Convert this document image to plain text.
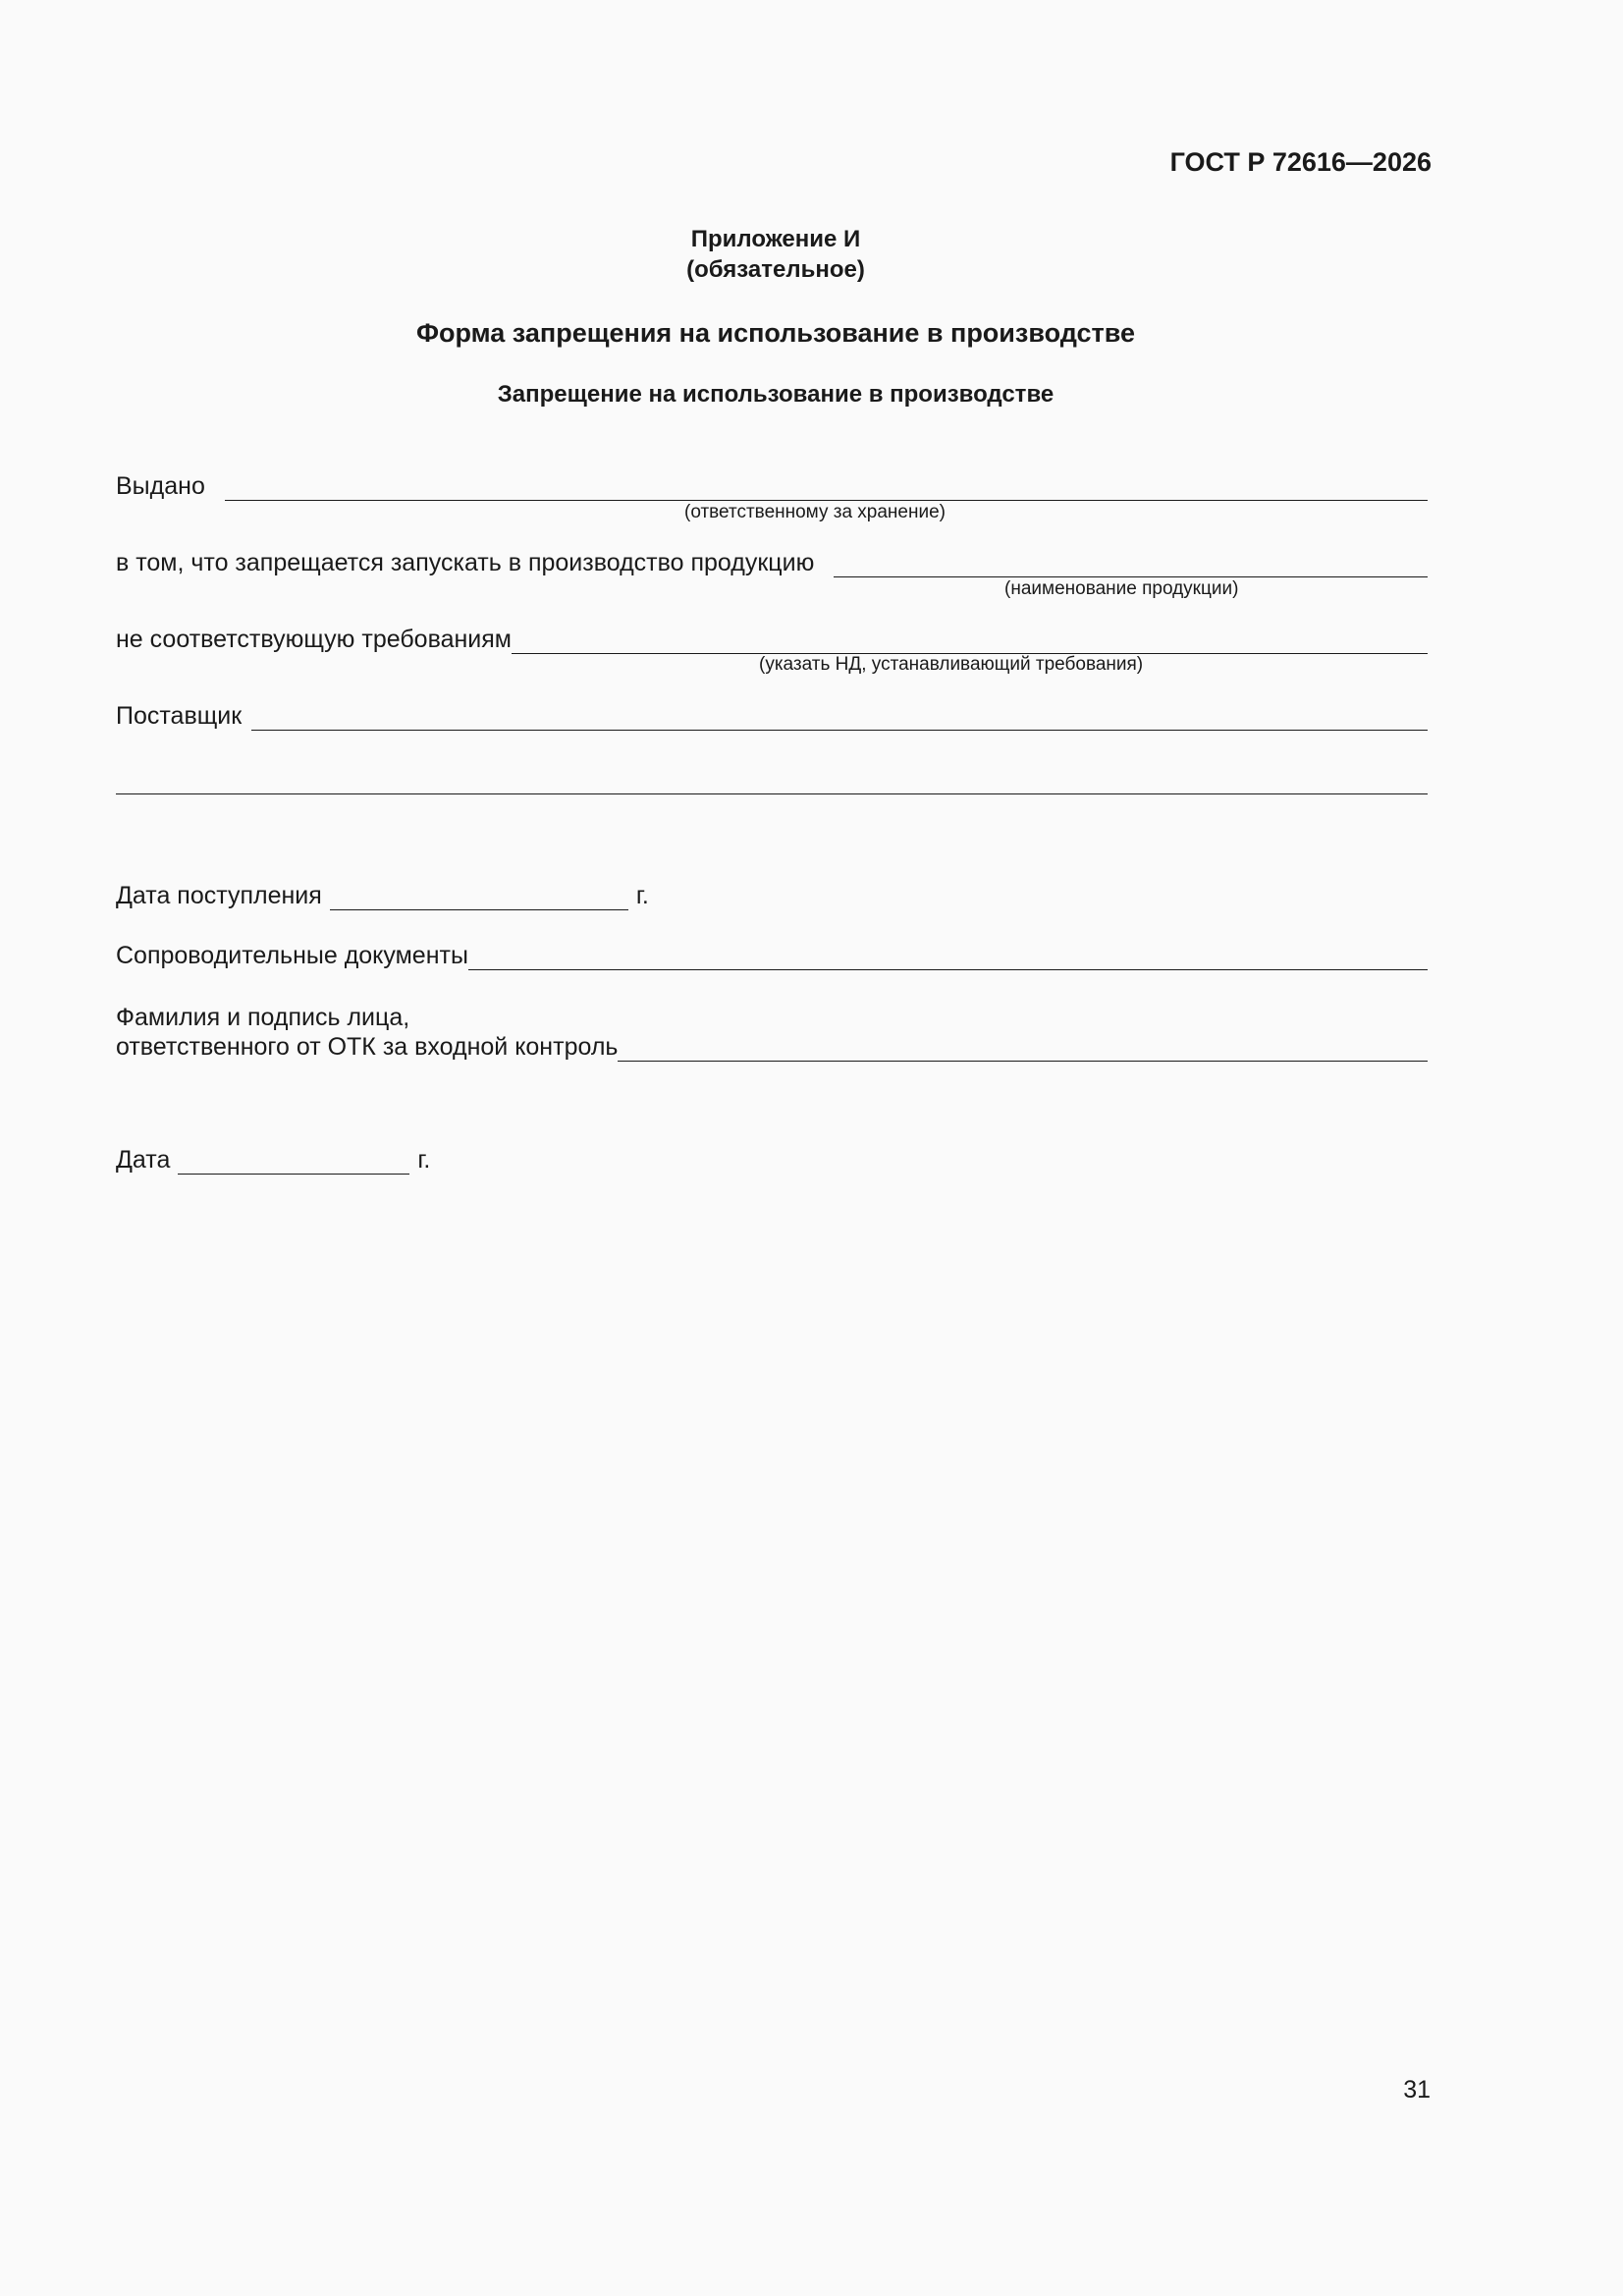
ГОСТ Р 72616—2026
Приложение И
(обязательное)
Форма запрещения на использование в производстве
Запрещение на использование в производстве
Выдано
(ответственному за хранение)
в том, что запрещается запускать в производство продукцию
(наименование продукции)
не соответствующую требованиям
(указать НД, устанавливающий требования)
Поставщик
Дата поступления	г.
Сопроводительные документы
Фамилия и подпись лица,
ответственного от ОТК за входной контроль
Дата	г.
31
